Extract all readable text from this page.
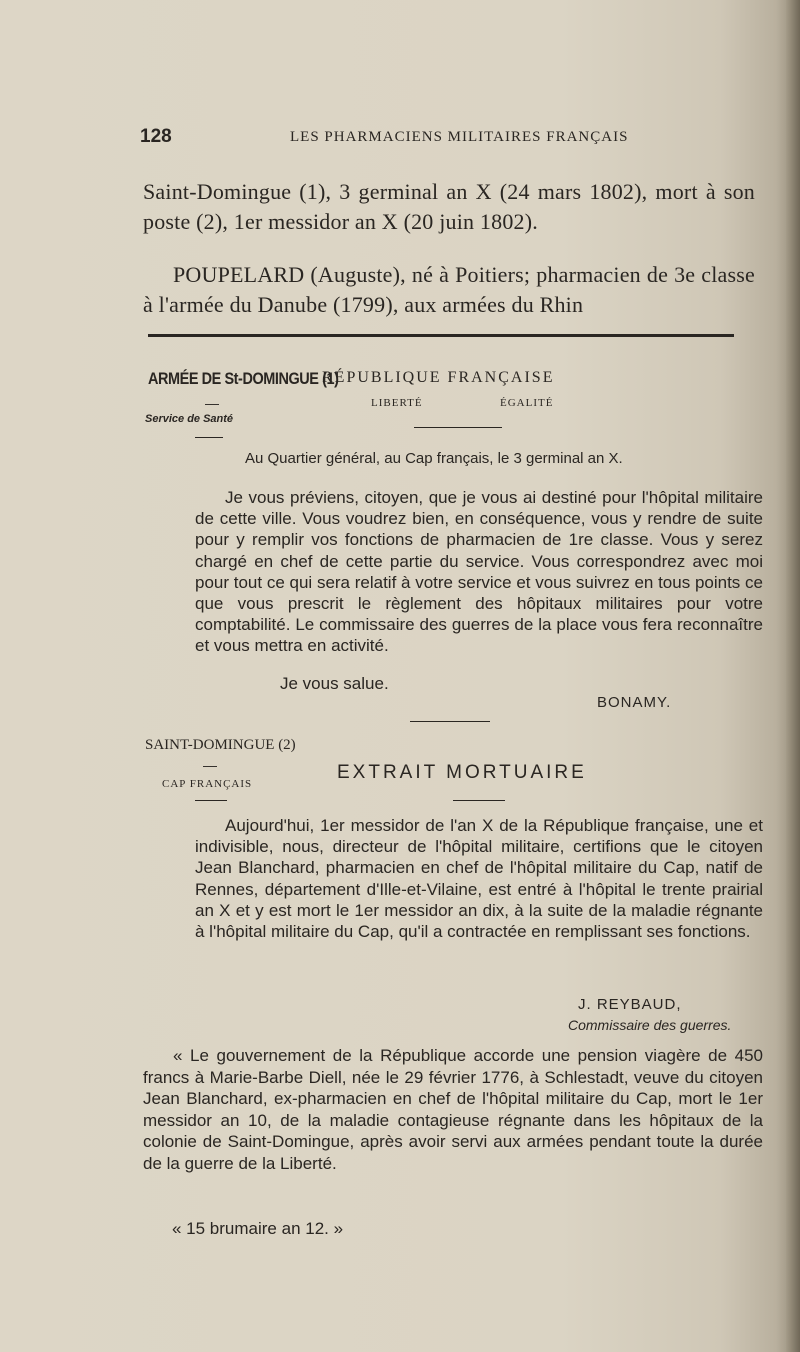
128	LES PHARMACIENS MILITAIRES FRANÇAIS

Saint-Domingue (1), 3 germinal an X (24 mars 1802), mort à son poste (2), 1er messidor an X (20 juin 1802).

POUPELARD (Auguste), né à Poitiers; pharmacien de 3e classe à l'armée du Danube (1799), aux armées du Rhin

ARMÉE DE St-DOMINGUE (1)
—
Service de Santé
RÉPUBLIQUE FRANÇAISE
LIBERTÉ	ÉGALITÉ
Au Quartier général, au Cap français, le 3 germinal an X.

Je vous préviens, citoyen, que je vous ai destiné pour l'hôpital militaire de cette ville. Vous voudrez bien, en conséquence, vous y rendre de suite pour y remplir vos fonctions de pharmacien de 1re classe. Vous y serez chargé en chef de cette partie du service. Vous correspondrez avec moi pour tout ce qui sera relatif à votre service et vous suivrez en tous points ce que vous prescrit le règlement des hôpitaux militaires pour votre comptabilité. Le commissaire des guerres de la place vous fera reconnaître et vous mettra en activité.

Je vous salue.
BONAMY.
SAINT-DOMINGUE (2)
—
CAP FRANÇAIS
EXTRAIT MORTUAIRE

Aujourd'hui, 1er messidor de l'an X de la République française, une et indivisible, nous, directeur de l'hôpital militaire, certifions que le citoyen Jean Blanchard, pharmacien en chef de l'hôpital militaire du Cap, natif de Rennes, département d'Ille-et-Vilaine, est entré à l'hôpital le trente prairial an X et y est mort le 1er messidor an dix, à la suite de la maladie régnante à l'hôpital militaire du Cap, qu'il a contractée en remplissant ses fonctions.

J. REYBAUD,
Commissaire des guerres.

« Le gouvernement de la République accorde une pension viagère de 450 francs à Marie-Barbe Diell, née le 29 février 1776, à Schlestadt, veuve du citoyen Jean Blanchard, ex-pharmacien en chef de l'hôpital militaire du Cap, mort le 1er messidor an 10, de la maladie contagieuse régnante dans les hôpitaux de la colonie de Saint-Domingue, après avoir servi aux armées pendant toute la durée de la guerre de la Liberté.

« 15 brumaire an 12. »
